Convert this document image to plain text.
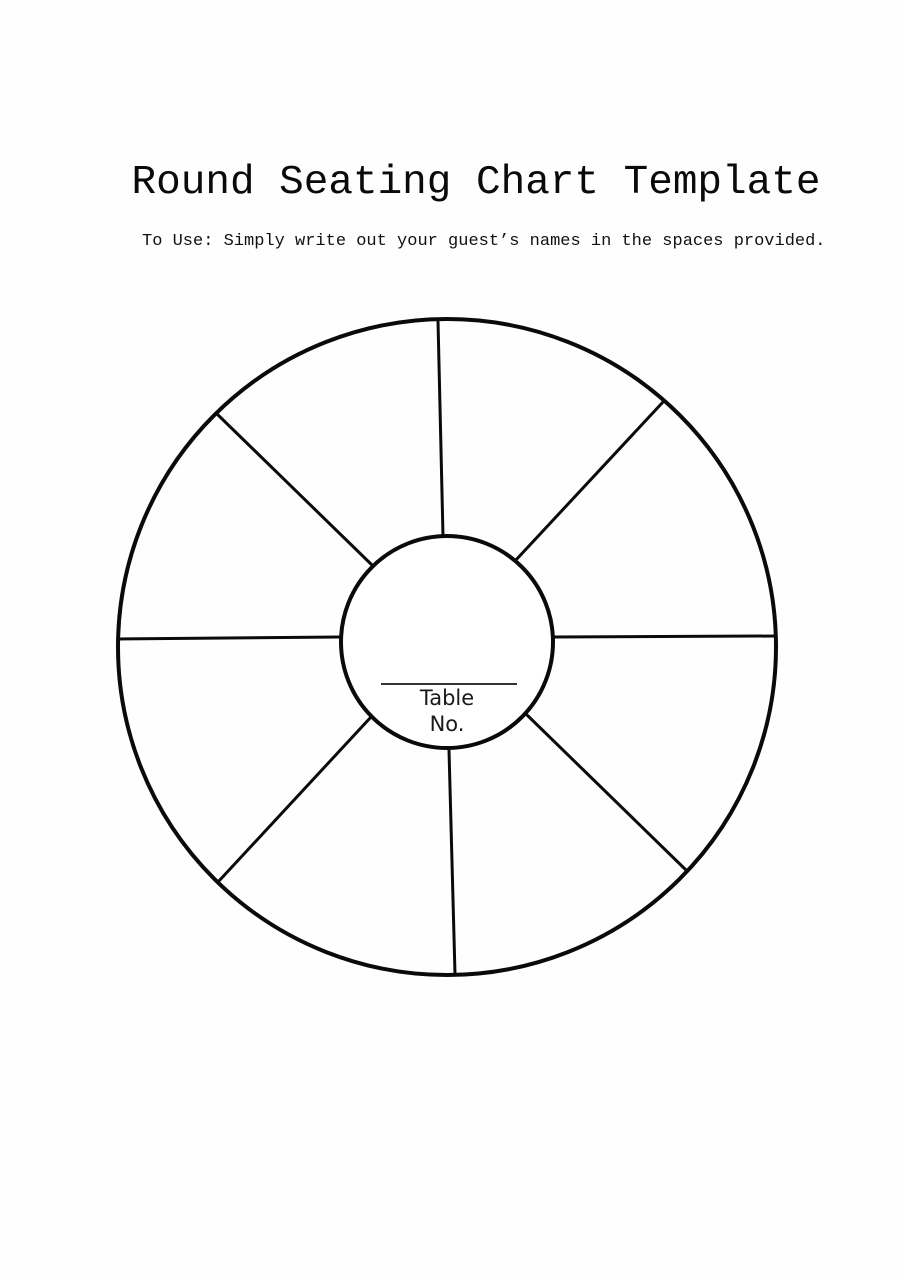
Round Seating Chart Template
To Use: Simply write out your guest’s names in the spaces provided.
Table
No.
